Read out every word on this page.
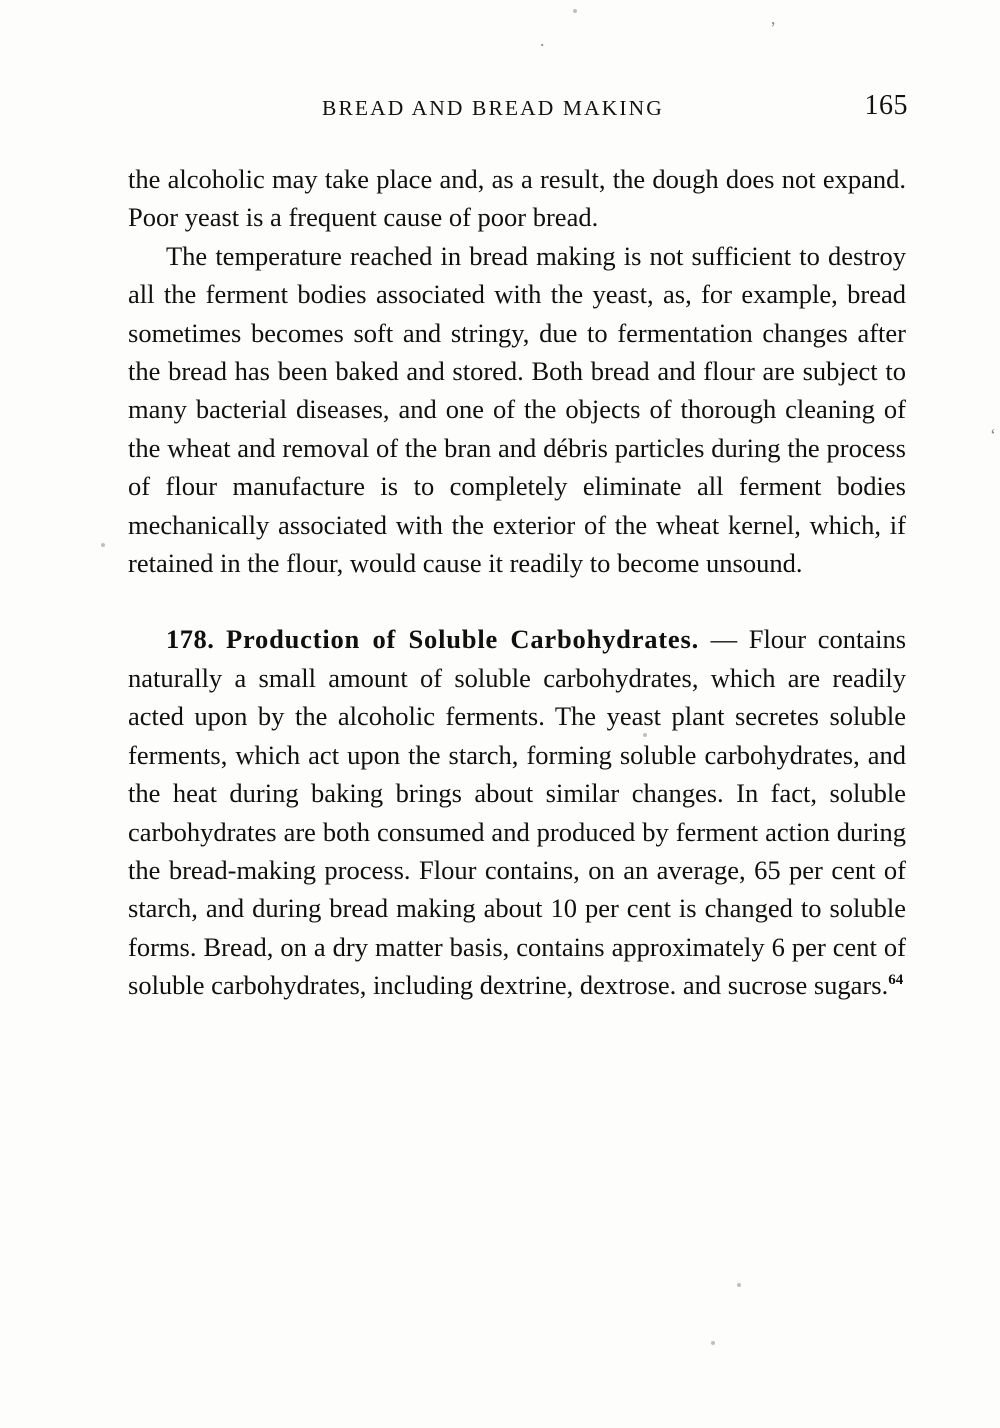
.
’
‘
BREAD AND BREAD MAKING	165

the alcoholic may take place and, as a result, the dough does not expand. Poor yeast is a frequent cause of poor bread.

The temperature reached in bread making is not sufficient to destroy all the ferment bodies associated with the yeast, as, for example, bread sometimes becomes soft and stringy, due to fermentation changes after the bread has been baked and stored. Both bread and flour are subject to many bacterial diseases, and one of the objects of thorough cleaning of the wheat and removal of the bran and débris particles during the process of flour manufacture is to completely eliminate all ferment bodies mechanically associated with the exterior of the wheat kernel, which, if retained in the flour, would cause it readily to become unsound.

178. Production of Soluble Carbohydrates. — Flour contains naturally a small amount of soluble carbohydrates, which are readily acted upon by the alcoholic ferments. The yeast plant secretes soluble ferments, which act upon the starch, forming soluble carbohydrates, and the heat during baking brings about similar changes. In fact, soluble carbohydrates are both consumed and produced by ferment action during the bread-making process. Flour contains, on an average, 65 per cent of starch, and during bread making about 10 per cent is changed to soluble forms. Bread, on a dry matter basis, contains approximately 6 per cent of soluble carbohydrates, including dextrine, dextrose. and sucrose sugars.$^{64}$
